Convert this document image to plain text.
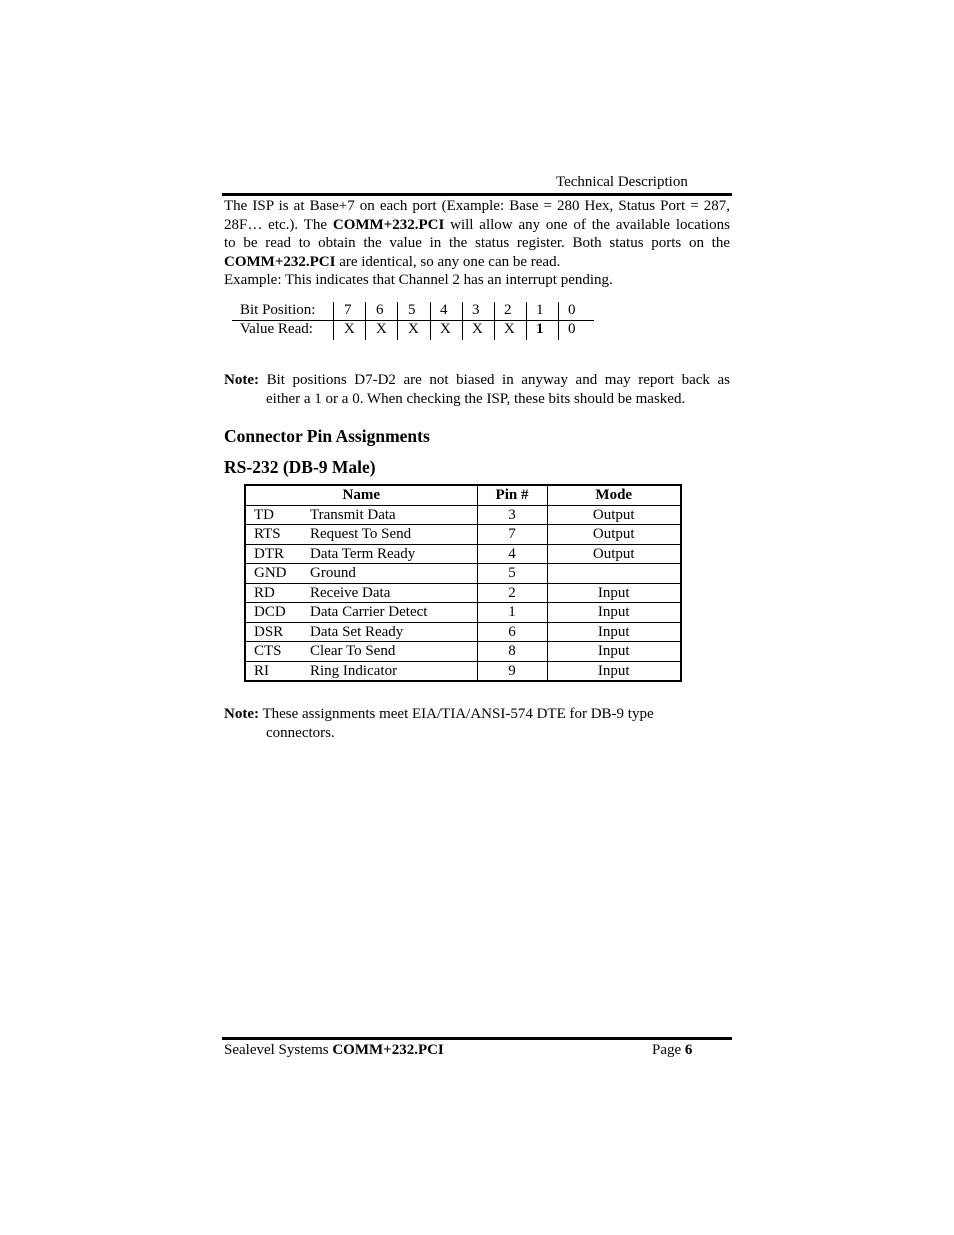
Technical Description
The ISP is at Base+7 on each port (Example: Base = 280 Hex, Status Port = 287,
28F… etc.). The COMM+232.PCI will allow any one of the available locations
to be read to obtain the value in the status register. Both status ports on the
COMM+232.PCI are identical, so any one can be read.
Example: This indicates that Channel 2 has an interrupt pending.
Bit Position: 7 6 5 4 3 2 1 0
Value Read: X X X X X X 1 0
Note: Bit positions D7-D2 are not biased in anyway and may report back as
either a 1 or a 0. When checking the ISP, these bits should be masked.
Connector Pin Assignments
RS-232 (DB-9 Male)
Name	Pin #	Mode
TD Transmit Data	3	Output
RTS Request To Send	7	Output
DTR Data Term Ready	4	Output
GND Ground	5	
RD Receive Data	2	Input
DCD Data Carrier Detect	1	Input
DSR Data Set Ready	6	Input
CTS Clear To Send	8	Input
RI Ring Indicator	9	Input
Note: These assignments meet EIA/TIA/ANSI-574 DTE for DB-9 type
connectors.
Sealevel Systems COMM+232.PCI	Page 6
